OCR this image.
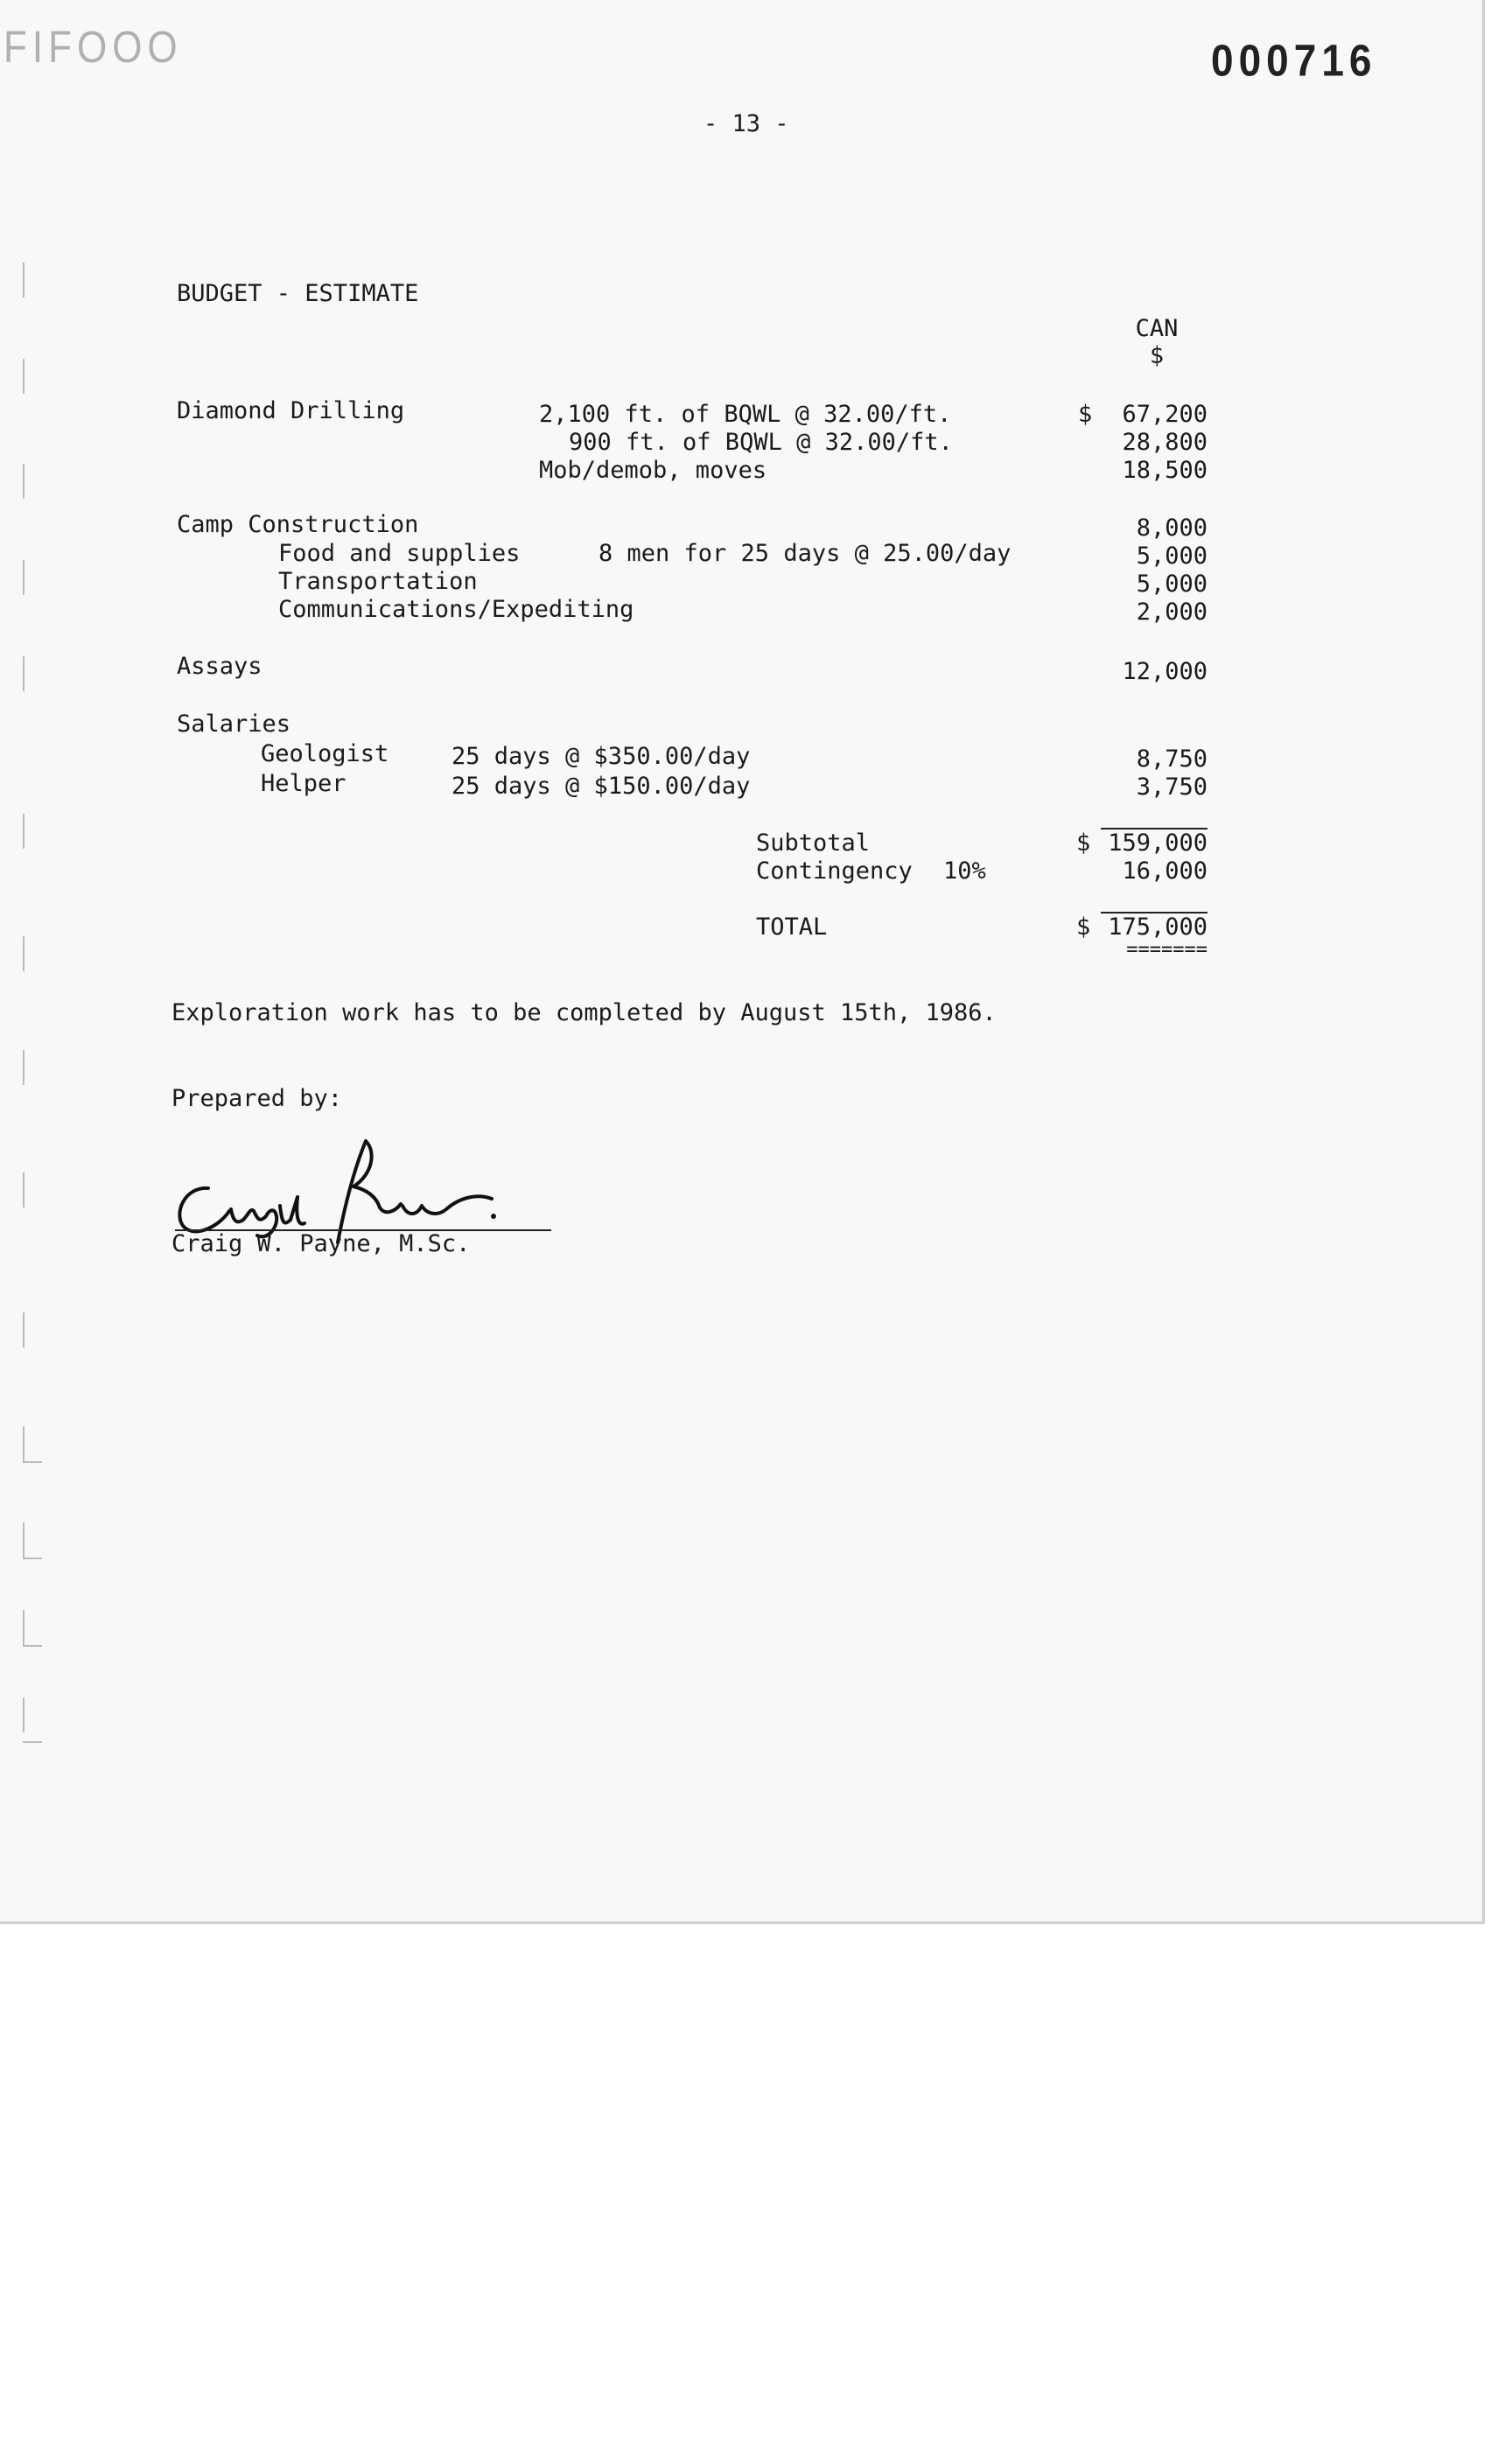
FIFOOO	000716
- 13 -
BUDGET - ESTIMATE
CAN
$
Diamond Drilling	2,100 ft. of BQWL @ 32.00/ft.	$	67,200
900 ft. of BQWL @ 32.00/ft.	28,800
Mob/demob, moves	18,500
Camp Construction	8,000
Food and supplies	8 men for 25 days @ 25.00/day	5,000
Transportation	5,000
Communications/Expediting	2,000
Assays	12,000
Salaries
Geologist	25 days @ $350.00/day	8,750
Helper	25 days @ $150.00/day	3,750
Subtotal	$ 159,000
Contingency 10%	16,000
TOTAL	$ 175,000
=======
Exploration work has to be completed by August 15th, 1986.
Prepared by:
Craig W. Payne, M.Sc.
